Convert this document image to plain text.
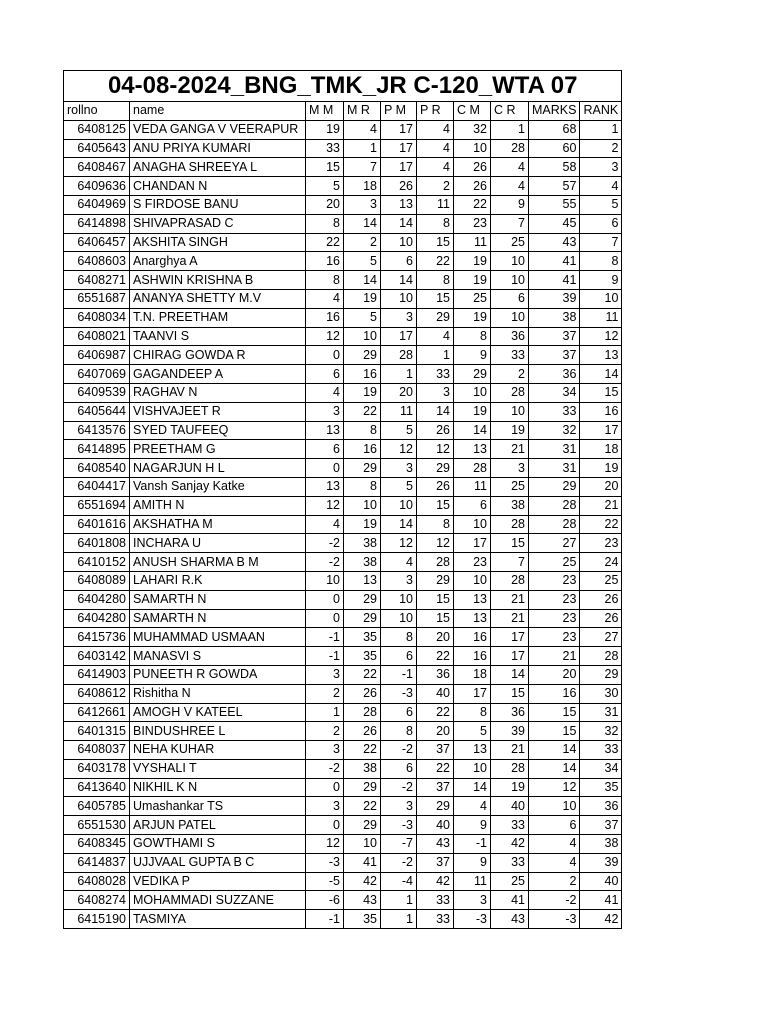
04-08-2024_BNG_TMK_JR C-120_WTA 07									
rollno	name	M M	M R	P M	P R	C M	C R	MARKS	RANK
6408125	VEDA GANGA V VEERAPUR	19	4	17	4	32	1	68	1
6405643	ANU PRIYA KUMARI	33	1	17	4	10	28	60	2
6408467	ANAGHA SHREEYA L	15	7	17	4	26	4	58	3
6409636	CHANDAN N	5	18	26	2	26	4	57	4
6404969	S FIRDOSE BANU	20	3	13	11	22	9	55	5
6414898	SHIVAPRASAD C	8	14	14	8	23	7	45	6
6406457	AKSHITA SINGH	22	2	10	15	11	25	43	7
6408603	Anarghya A	16	5	6	22	19	10	41	8
6408271	ASHWIN KRISHNA B	8	14	14	8	19	10	41	9
6551687	ANANYA SHETTY M.V	4	19	10	15	25	6	39	10
6408034	T.N. PREETHAM	16	5	3	29	19	10	38	11
6408021	TAANVI S	12	10	17	4	8	36	37	12
6406987	CHIRAG GOWDA R	0	29	28	1	9	33	37	13
6407069	GAGANDEEP A	6	16	1	33	29	2	36	14
6409539	RAGHAV N	4	19	20	3	10	28	34	15
6405644	VISHVAJEET R	3	22	11	14	19	10	33	16
6413576	SYED TAUFEEQ	13	8	5	26	14	19	32	17
6414895	PREETHAM G	6	16	12	12	13	21	31	18
6408540	NAGARJUN H L	0	29	3	29	28	3	31	19
6404417	Vansh Sanjay Katke	13	8	5	26	11	25	29	20
6551694	AMITH N	12	10	10	15	6	38	28	21
6401616	AKSHATHA M	4	19	14	8	10	28	28	22
6401808	INCHARA U	-2	38	12	12	17	15	27	23
6410152	ANUSH SHARMA B M	-2	38	4	28	23	7	25	24
6408089	LAHARI R.K	10	13	3	29	10	28	23	25
6404280	SAMARTH N	0	29	10	15	13	21	23	26
6404280	SAMARTH N	0	29	10	15	13	21	23	26
6415736	MUHAMMAD USMAAN	-1	35	8	20	16	17	23	27
6403142	MANASVI S	-1	35	6	22	16	17	21	28
6414903	PUNEETH R GOWDA	3	22	-1	36	18	14	20	29
6408612	Rishitha N	2	26	-3	40	17	15	16	30
6412661	AMOGH V KATEEL	1	28	6	22	8	36	15	31
6401315	BINDUSHREE L	2	26	8	20	5	39	15	32
6408037	NEHA KUHAR	3	22	-2	37	13	21	14	33
6403178	VYSHALI T	-2	38	6	22	10	28	14	34
6413640	NIKHIL K N	0	29	-2	37	14	19	12	35
6405785	Umashankar TS	3	22	3	29	4	40	10	36
6551530	ARJUN PATEL	0	29	-3	40	9	33	6	37
6408345	GOWTHAMI S	12	10	-7	43	-1	42	4	38
6414837	UJJVAAL GUPTA B C	-3	41	-2	37	9	33	4	39
6408028	VEDIKA P	-5	42	-4	42	11	25	2	40
6408274	MOHAMMADI SUZZANE	-6	43	1	33	3	41	-2	41
6415190	TASMIYA	-1	35	1	33	-3	43	-3	42
